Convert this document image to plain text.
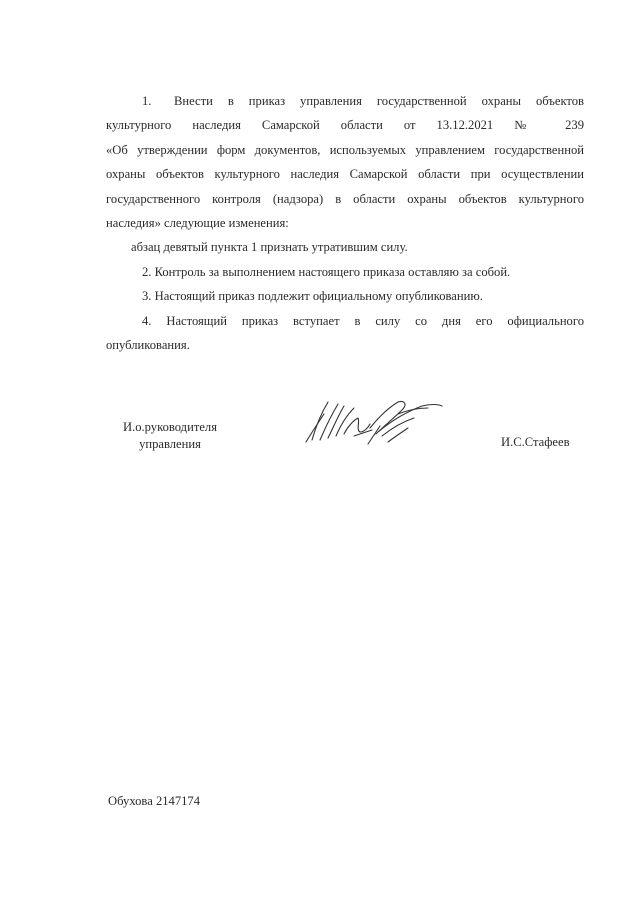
1. Внести в приказ управления государственной охраны объектов
культурного наследия Самарской области от 13.12.2021 № 239
«Об утверждении форм документов, используемых управлением государственной
охраны объектов культурного наследия Самарской области при осуществлении
государственного контроля (надзора) в области охраны объектов культурного
наследия» следующие изменения:
абзац девятый пункта 1 признать утратившим силу.
2. Контроль за выполнением настоящего приказа оставляю за собой.
3. Настоящий приказ подлежит официальному опубликованию.
4. Настоящий приказ вступает в силу со дня его официального
опубликования.
И.о.руководителя
управления	И.С.Стафеев
Обухова 2147174
